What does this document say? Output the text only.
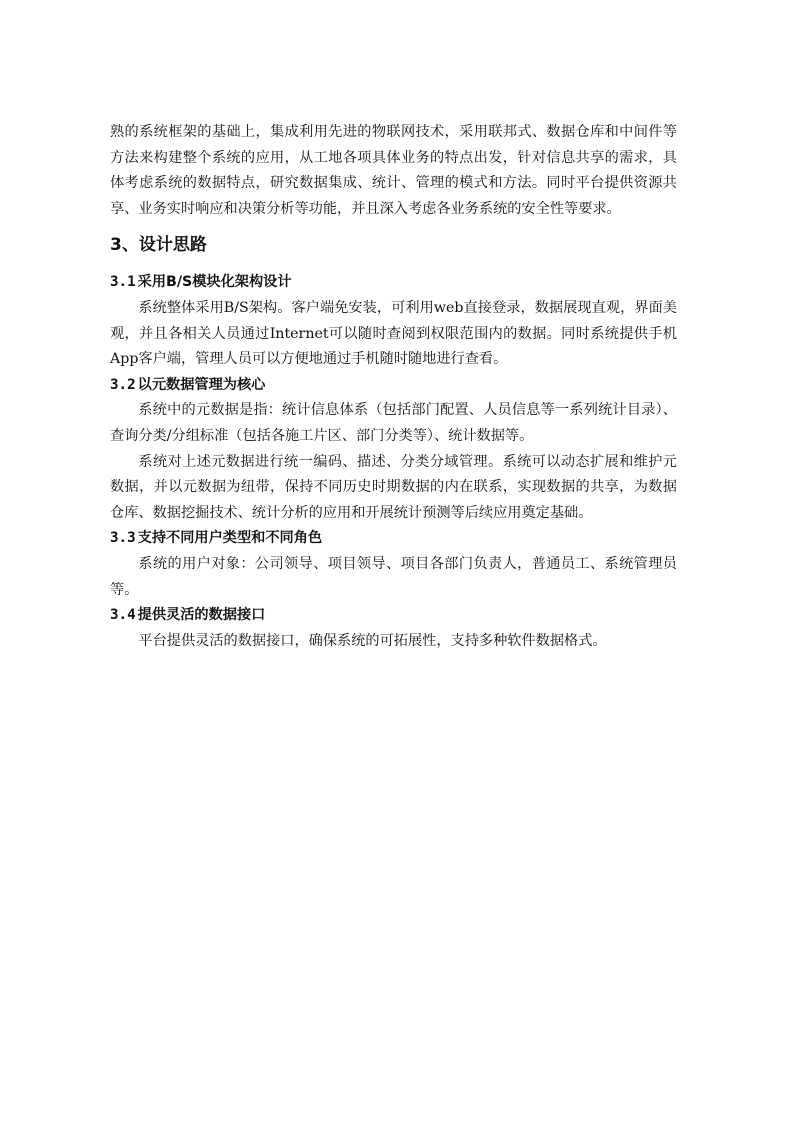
熟的系统框架的基础上，集成利用先进的物联网技术，采用联邦式、数据仓库和中间件等方法来构建整个系统的应用，从工地各项具体业务的特点出发，针对信息共享的需求，具体考虑系统的数据特点，研究数据集成、统计、管理的模式和方法。同时平台提供资源共享、业务实时响应和决策分析等功能，并且深入考虑各业务系统的安全性等要求。

3、设计思路
3.1 采用B/S模块化架构设计

系统整体采用B/S架构。客户端免安装，可利用web直接登录，数据展现直观，界面美观，并且各相关人员通过Internet可以随时查阅到权限范围内的数据。同时系统提供手机App客户端，管理人员可以方便地通过手机随时随地进行查看。

3.2 以元数据管理为核心

系统中的元数据是指：统计信息体系（包括部门配置、人员信息等一系列统计目录）、查询分类/分组标准（包括各施工片区、部门分类等）、统计数据等。

系统对上述元数据进行统一编码、描述、分类分域管理。系统可以动态扩展和维护元数据，并以元数据为纽带，保持不同历史时期数据的内在联系，实现数据的共享，为数据仓库、数据挖掘技术、统计分析的应用和开展统计预测等后续应用奠定基础。

3.3 支持不同用户类型和不同角色

系统的用户对象：公司领导、项目领导、项目各部门负责人，普通员工、系统管理员等。

3.4 提供灵活的数据接口

平台提供灵活的数据接口，确保系统的可拓展性，支持多种软件数据格式。
